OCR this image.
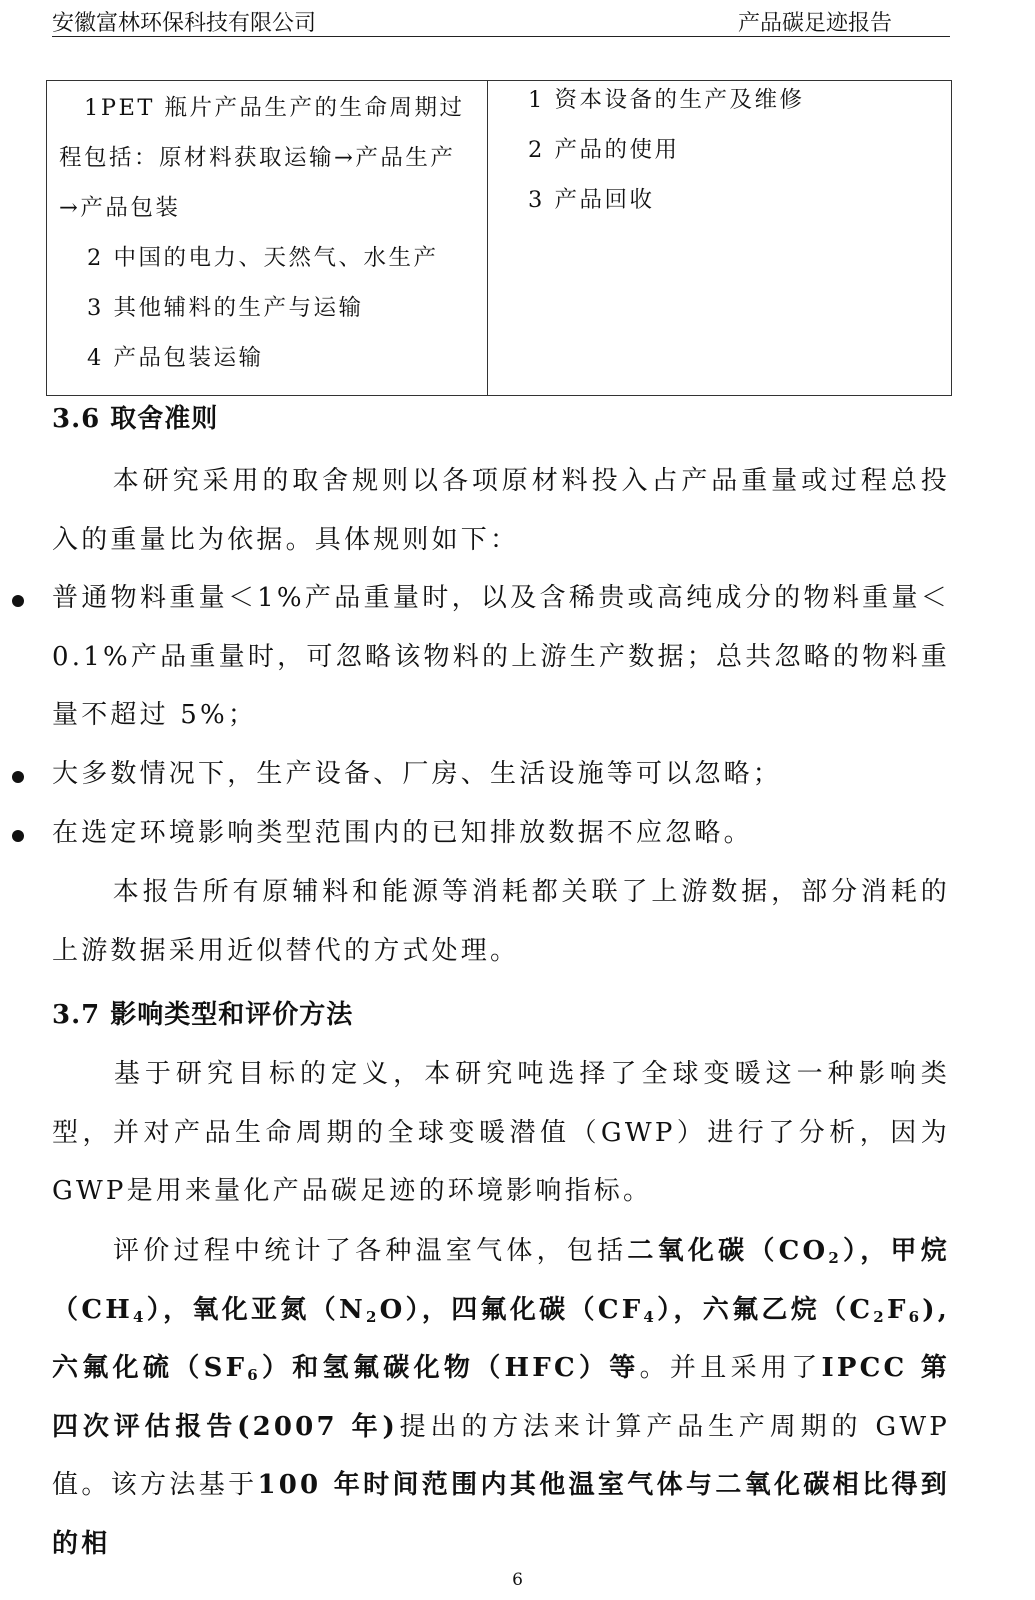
安徽富林环保科技有限公司	产品碳足迹报告
1PET 瓶片产品生产的生命周期过
程包括：原材料获取运输→产品生产
→产品包装
2 中国的电力、天然气、水生产
3 其他辅料的生产与运输
4 产品包装运输

1 资本设备的生产及维修
2 产品的使用
3 产品回收
3.6 取舍准则

本研究采用的取舍规则以各项原材料投入占产品重量或过程总投入的重量比为依据。具体规则如下：

普通物料重量＜1%产品重量时，以及含稀贵或高纯成分的物料重量＜0.1%产品重量时，可忽略该物料的上游生产数据；总共忽略的物料重量不超过 5%；

大多数情况下，生产设备、厂房、生活设施等可以忽略；

在选定环境影响类型范围内的已知排放数据不应忽略。

本报告所有原辅料和能源等消耗都关联了上游数据，部分消耗的上游数据采用近似替代的方式处理。

3.7 影响类型和评价方法

基于研究目标的定义，本研究吨选择了全球变暖这一种影响类型，并对产品生命周期的全球变暖潜值（GWP）进行了分析，因为 GWP是用来量化产品碳足迹的环境影响指标。

评价过程中统计了各种温室气体，包括二氧化碳$(CO_2)$，甲烷$(CH_4)$，氧化亚氮$(N_2O)$，四氟化碳$(CF_4)$，六氟乙烷$(C_2F_6)$,六氟化硫$(SF_6)$和氢氟碳化物（HFC）等。并且采用了IPCC 第四次评估报告(2007 年)提出的方法来计算产品生产周期的 GWP 值。该方法基于100 年时间范围内其他温室气体与二氧化碳相比得到的相

6
